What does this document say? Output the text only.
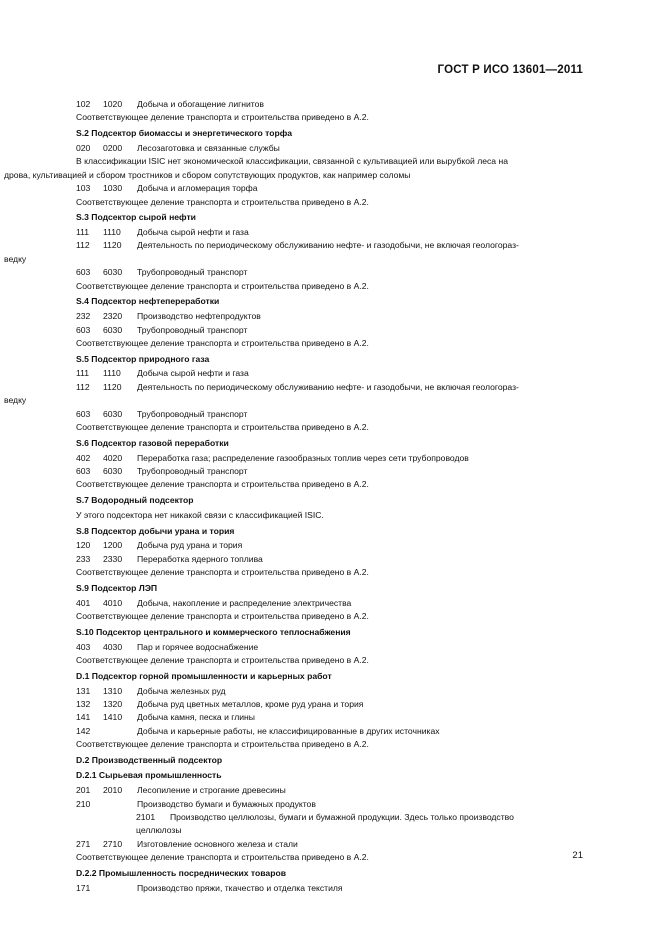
ГОСТ Р ИСО 13601—2011
102 1020 Добыча и обогащение лигнитов
Соответствующее деление транспорта и строительства приведено в А.2.
S.2 Подсектор биомассы и энергетического торфа
020 0200 Лесозаготовка и связанные службы
В классификации ISIC нет экономической классификации, связанной с культивацией или вырубкой леса на
дрова, культивацией и сбором тростников и сбором сопутствующих продуктов, как например соломы
103 1030 Добыча и агломерация торфа
Соответствующее деление транспорта и строительства приведено в А.2.
S.3 Подсектор сырой нефти
111 1110 Добыча сырой нефти и газа
112 1120 Деятельность по периодическому обслуживанию нефте- и газодобычи, не включая геологораз-
ведку
603 6030 Трубопроводный транспорт
Соответствующее деление транспорта и строительства приведено в А.2.
S.4 Подсектор нефтепереработки
232 2320 Производство нефтепродуктов
603 6030 Трубопроводный транспорт
Соответствующее деление транспорта и строительства приведено в А.2.
S.5 Подсектор природного газа
111 1110 Добыча сырой нефти и газа
112 1120 Деятельность по периодическому обслуживанию нефте- и газодобычи, не включая геологораз-
ведку
603 6030 Трубопроводный транспорт
Соответствующее деление транспорта и строительства приведено в А.2.
S.6 Подсектор газовой переработки
402 4020 Переработка газа; распределение газообразных топлив через сети трубопроводов
603 6030 Трубопроводный транспорт
Соответствующее деление транспорта и строительства приведено в А.2.
S.7 Водородный подсектор
У этого подсектора нет никакой связи с классификацией ISIC.
S.8 Подсектор добычи урана и тория
120 1200 Добыча руд урана и тория
233 2330 Переработка ядерного топлива
Соответствующее деление транспорта и строительства приведено в А.2.
S.9 Подсектор ЛЭП
401 4010 Добыча, накопление и распределение электричества
Соответствующее деление транспорта и строительства приведено в А.2.
S.10 Подсектор центрального и коммерческого теплоснабжения
403 4030 Пар и горячее водоснабжение
Соответствующее деление транспорта и строительства приведено в А.2.
D.1 Подсектор горной промышленности и карьерных работ
131 1310 Добыча железных руд
132 1320 Добыча руд цветных металлов, кроме руд урана и тория
141 1410 Добыча камня, песка и глины
142	Добыча и карьерные работы, не классифицированные в других источниках
Соответствующее деление транспорта и строительства приведено в А.2.
D.2 Производственный подсектор
D.2.1 Сырьевая промышленность
201 2010 Лесопиление и строгание древесины
210	Производство бумаги и бумажных продуктов
2101 Производство целлюлозы, бумаги и бумажной продукции. Здесь только производство
целлюлозы
271 2710 Изготовление основного железа и стали
Соответствующее деление транспорта и строительства приведено в А.2.
D.2.2 Промышленность посреднических товаров
171	Производство пряжи, ткачество и отделка текстиля
21
